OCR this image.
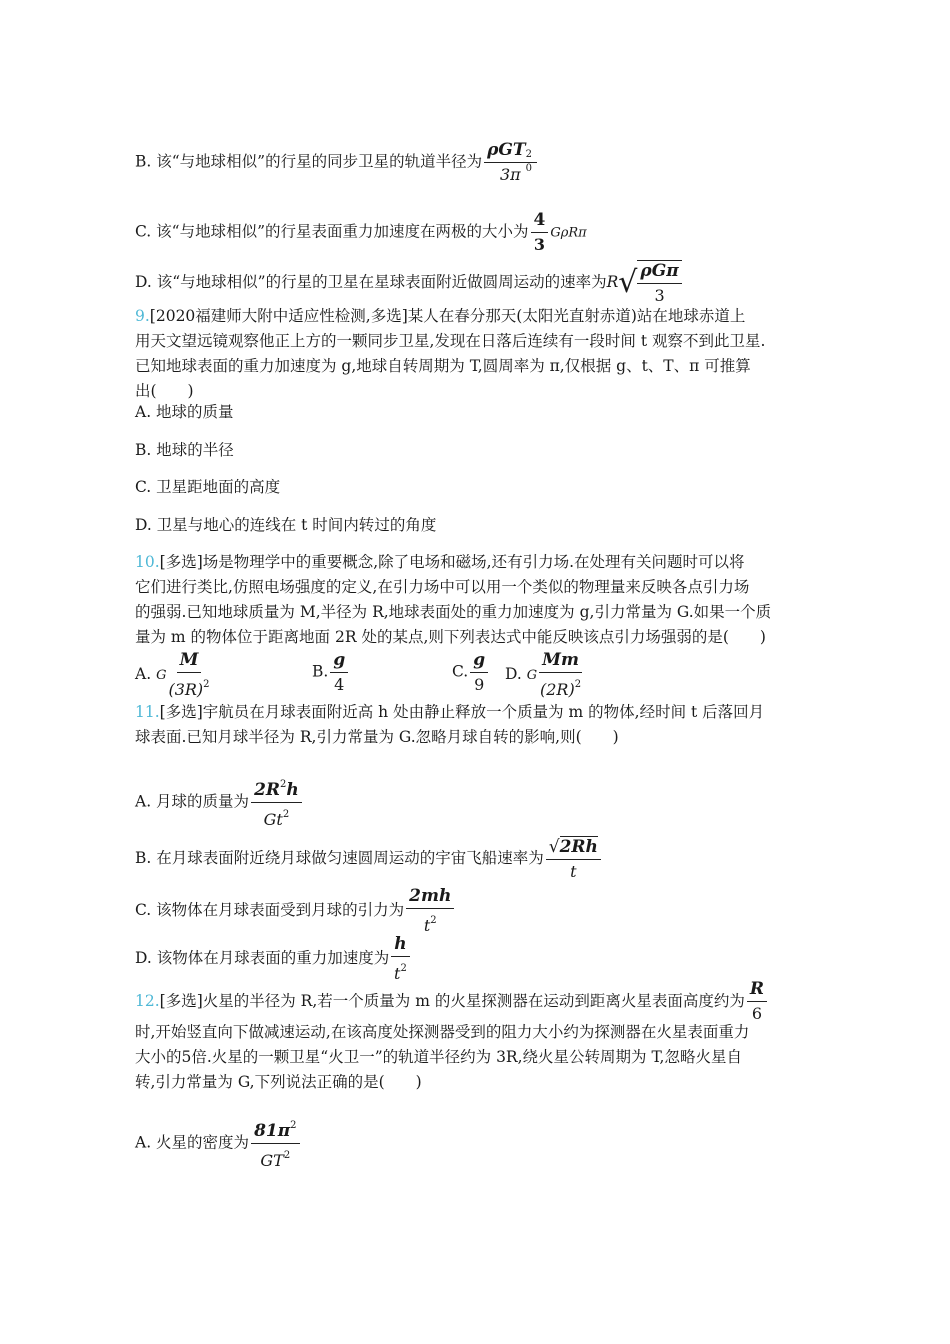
B. 该“与地球相似”的行星的同步卫星的轨道半径为 ρGT 2
0
3π
C. 该“与地球相似”的行星表面重力加速度在两极的大小为 $\frac{4}{3}$ GρRπ
D. 该“与地球相似”的行星的卫星在星球表面附近做圆周运动的速率为R √ $\frac{\text{ρGπ}}{3}$
9.[2020福建师大附中适应性检测,多选]某人在春分那天(太阳光直射赤道)站在地球赤道上
用天文望远镜观察他正上方的一颗同步卫星,发现在日落后连续有一段时间 t 观察不到此卫星.
已知地球表面的重力加速度为 g,地球自转周期为 T,圆周率为 π,仅根据 g、t、T、π 可推算
出(　　)
A. 地球的质量
B. 地球的半径
C. 卫星距地面的高度
D. 卫星与地心的连线在 t 时间内转过的角度
10.[多选]场是物理学中的重要概念,除了电场和磁场,还有引力场.在处理有关问题时可以将
它们进行类比,仿照电场强度的定义,在引力场中可以用一个类似的物理量来反映各点引力场
的强弱.已知地球质量为 M,半径为 R,地球表面处的重力加速度为 g,引力常量为 G.如果一个质
量为 m 的物体位于距离地面 2R 处的某点,则下列表达式中能反映该点引力场强弱的是(　　)
A. G $\frac{M}{(3R)^2}$	B. $\frac{g}{4}$	C. $\frac{g}{9} D$. G $\frac{Mm}{(2R)^2}$
11.[多选]宇航员在月球表面附近高 h 处由静止释放一个质量为 m 的物体,经时间 t 后落回月
球表面.已知月球半径为 R,引力常量为 G.忽略月球自转的影响,则(　　)
A. 月球的质量为 $\frac{2R^2h}{Gt^2}$
B. 在月球表面附近绕月球做匀速圆周运动的宇宙飞船速率为 $\frac{√ 2Rh}{t}$
C. 该物体在月球表面受到月球的引力为 $\frac{2mh}{t^2}$
D. 该物体在月球表面的重力加速度为 $\frac{h}{t^2}$
12. [多选]火星的半径为 R,若一个质量为 m 的火星探测器在运动到距离火星表面高度约为 $\frac{R}{6}$
时,开始竖直向下做减速运动,在该高度处探测器受到的阻力大小约为探测器在火星表面重力
大小的5倍.火星的一颗卫星“火卫一”的轨道半径约为 3R,绕火星公转周期为 T,忽略火星自
转,引力常量为 G,下列说法正确的是(　　)
A. 火星的密度为 $\frac{81\pi^2}{GT^2}$
